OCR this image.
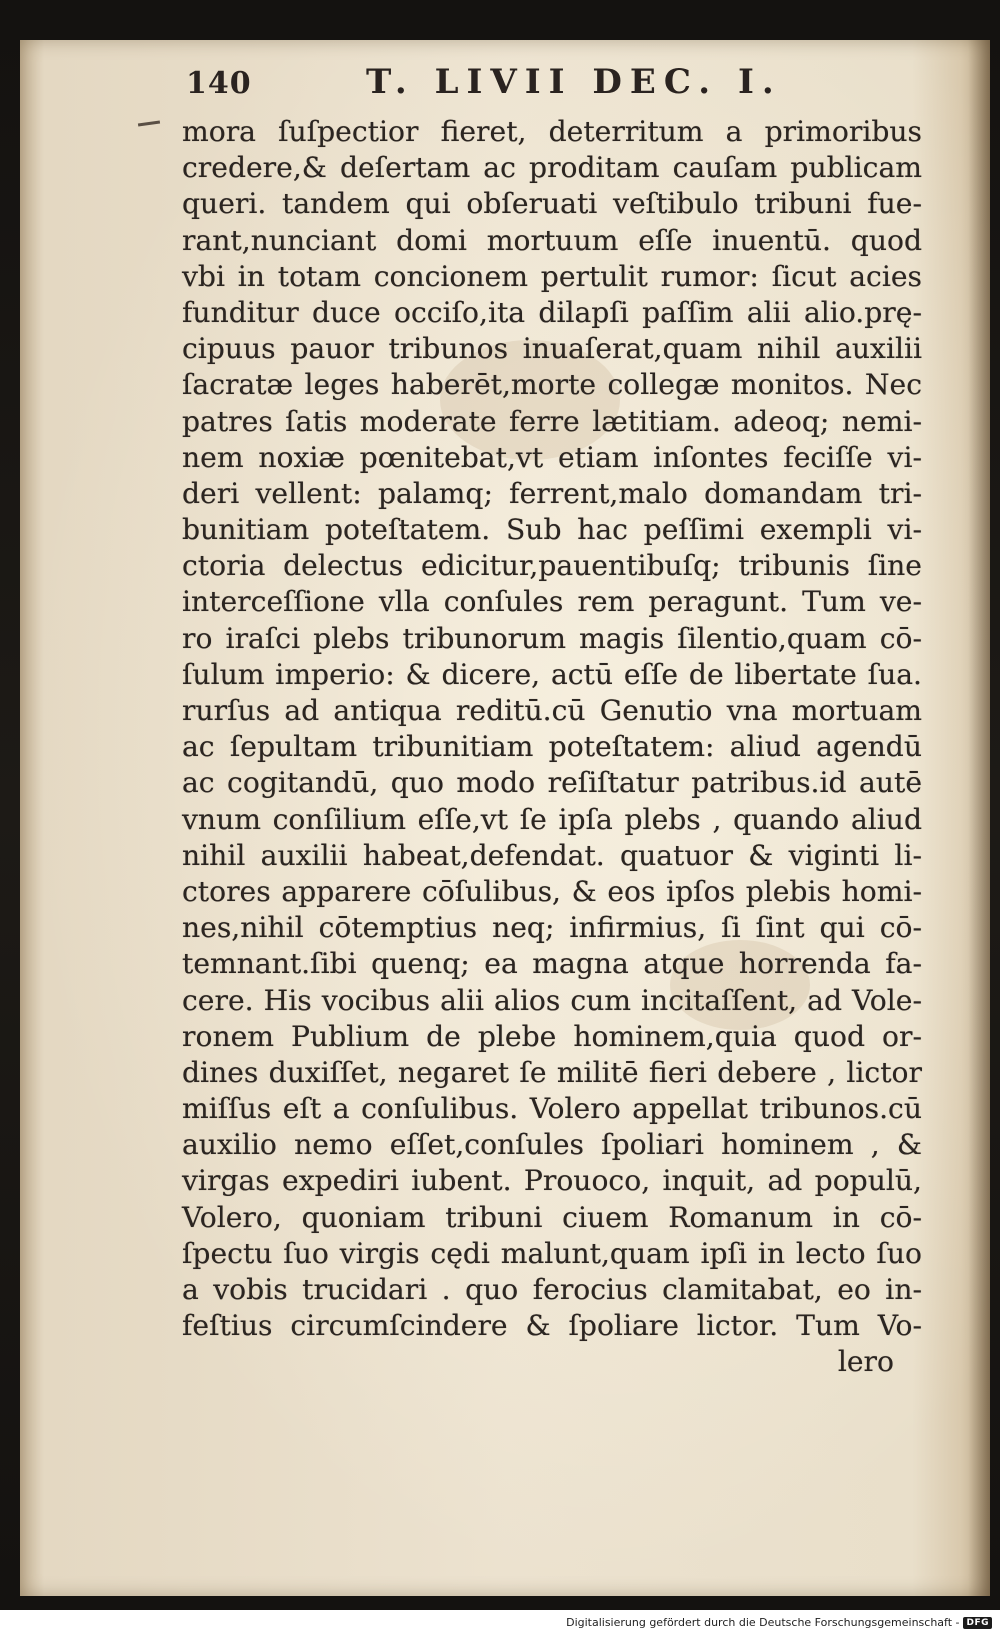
140	T. LIVII DEC. I.
mora ſuſpectior fieret, deterritum a primoribus
credere,& deſertam ac proditam cauſam publicam
queri. tandem qui obſeruati veſtibulo tribuni fue-
rant,nunciant domi mortuum eſſe inuentū. quod
vbi in totam concionem pertulit rumor: ſicut acies
funditur duce occiſo,ita dilapſi paſſim alii alio.prę-
cipuus pauor tribunos inuaſerat,quam nihil auxilii
ſacratæ leges haberēt,morte collegæ monitos. Nec
patres ſatis moderate ferre lætitiam. adeoq; nemi-
nem noxiæ pœnitebat,vt etiam inſontes feciſſe vi-
deri vellent: palamq; ferrent,malo domandam tri-
bunitiam poteſtatem. Sub hac peſſimi exempli vi-
ctoria delectus edicitur,pauentibuſq; tribunis ſine
interceſſione vlla conſules rem peragunt. Tum ve-
ro iraſci plebs tribunorum magis ſilentio,quam cō-
ſulum imperio: & dicere, actū eſſe de libertate ſua.
rurſus ad antiqua reditū.cū Genutio vna mortuam
ac ſepultam tribunitiam poteſtatem: aliud agendū
ac cogitandū, quo modo reſiſtatur patribus.id autē
vnum conſilium eſſe,vt ſe ipſa plebs , quando aliud
nihil auxilii habeat,defendat. quatuor & viginti li-
ctores apparere cōſulibus, & eos ipſos plebis homi-
nes,nihil cōtemptius neq; infirmius, ſi ſint qui cō-
temnant.ſibi quenq; ea magna atque horrenda fa-
cere. His vocibus alii alios cum incitaſſent, ad Vole-
ronem Publium de plebe hominem,quia quod or-
dines duxiſſet, negaret ſe militē fieri debere , lictor
miſſus eſt a conſulibus. Volero appellat tribunos.cū
auxilio nemo eſſet,conſules ſpoliari hominem , &
virgas expediri iubent. Prouoco, inquit, ad populū,
Volero, quoniam tribuni ciuem Romanum in cō-
ſpectu ſuo virgis cędi malunt,quam ipſi in lecto ſuo
a vobis trucidari . quo ferocius clamitabat, eo in-
feſtius circumſcindere & ſpoliare lictor. Tum Vo-
lero
Digitalisierung gefördert durch die Deutsche Forschungsgemeinschaft - DFG
